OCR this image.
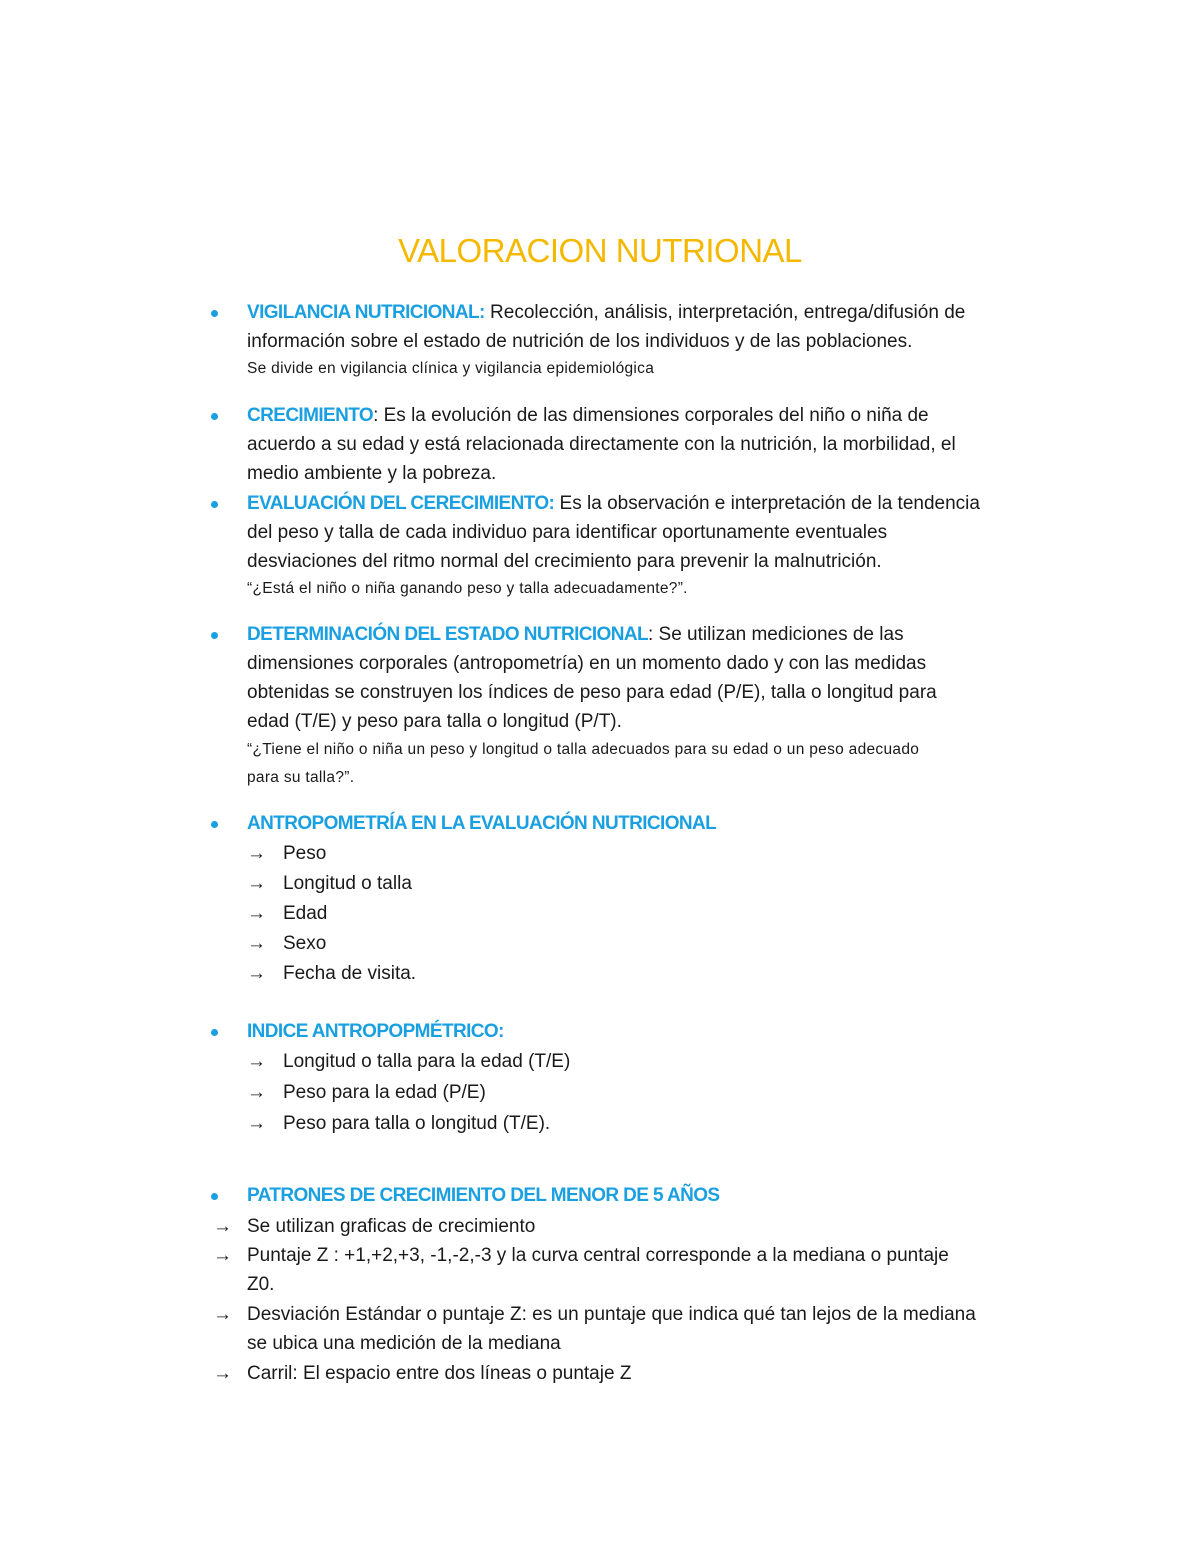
VALORACION NUTRIONAL
VIGILANCIA NUTRICIONAL: Recolección, análisis, interpretación, entrega/difusión de
información sobre el estado de nutrición de los individuos y de las poblaciones.
Se divide en vigilancia clínica y vigilancia epidemiológica
CRECIMIENTO: Es la evolución de las dimensiones corporales del niño o niña de
acuerdo a su edad y está relacionada directamente con la nutrición, la morbilidad, el
medio ambiente y la pobreza.
EVALUACIÓN DEL CERECIMIENTO: Es la observación e interpretación de la tendencia
del peso y talla de cada individuo para identificar oportunamente eventuales
desviaciones del ritmo normal del crecimiento para prevenir la malnutrición.
“¿Está el niño o niña ganando peso y talla adecuadamente?”.
DETERMINACIÓN DEL ESTADO NUTRICIONAL: Se utilizan mediciones de las
dimensiones corporales (antropometría) en un momento dado y con las medidas
obtenidas se construyen los índices de peso para edad (P/E), talla o longitud para
edad (T/E) y peso para talla o longitud (P/T).
“¿Tiene el niño o niña un peso y longitud o talla adecuados para su edad o un peso adecuado
para su talla?”.
ANTROPOMETRÍA EN LA EVALUACIÓN NUTRICIONAL
→ Peso
→ Longitud o talla
→ Edad
→ Sexo
→ Fecha de visita.
INDICE ANTROPOPMÉTRICO:
→ Longitud o talla para la edad (T/E)
→ Peso para la edad (P/E)
→ Peso para talla o longitud (T/E).
PATRONES DE CRECIMIENTO DEL MENOR DE 5 AÑOS
→ Se utilizan graficas de crecimiento
→ Puntaje Z : +1,+2,+3, -1,-2,-3 y la curva central corresponde a la mediana o puntaje
Z0.
→ Desviación Estándar o puntaje Z: es un puntaje que indica qué tan lejos de la mediana
se ubica una medición de la mediana
→ Carril: El espacio entre dos líneas o puntaje Z
